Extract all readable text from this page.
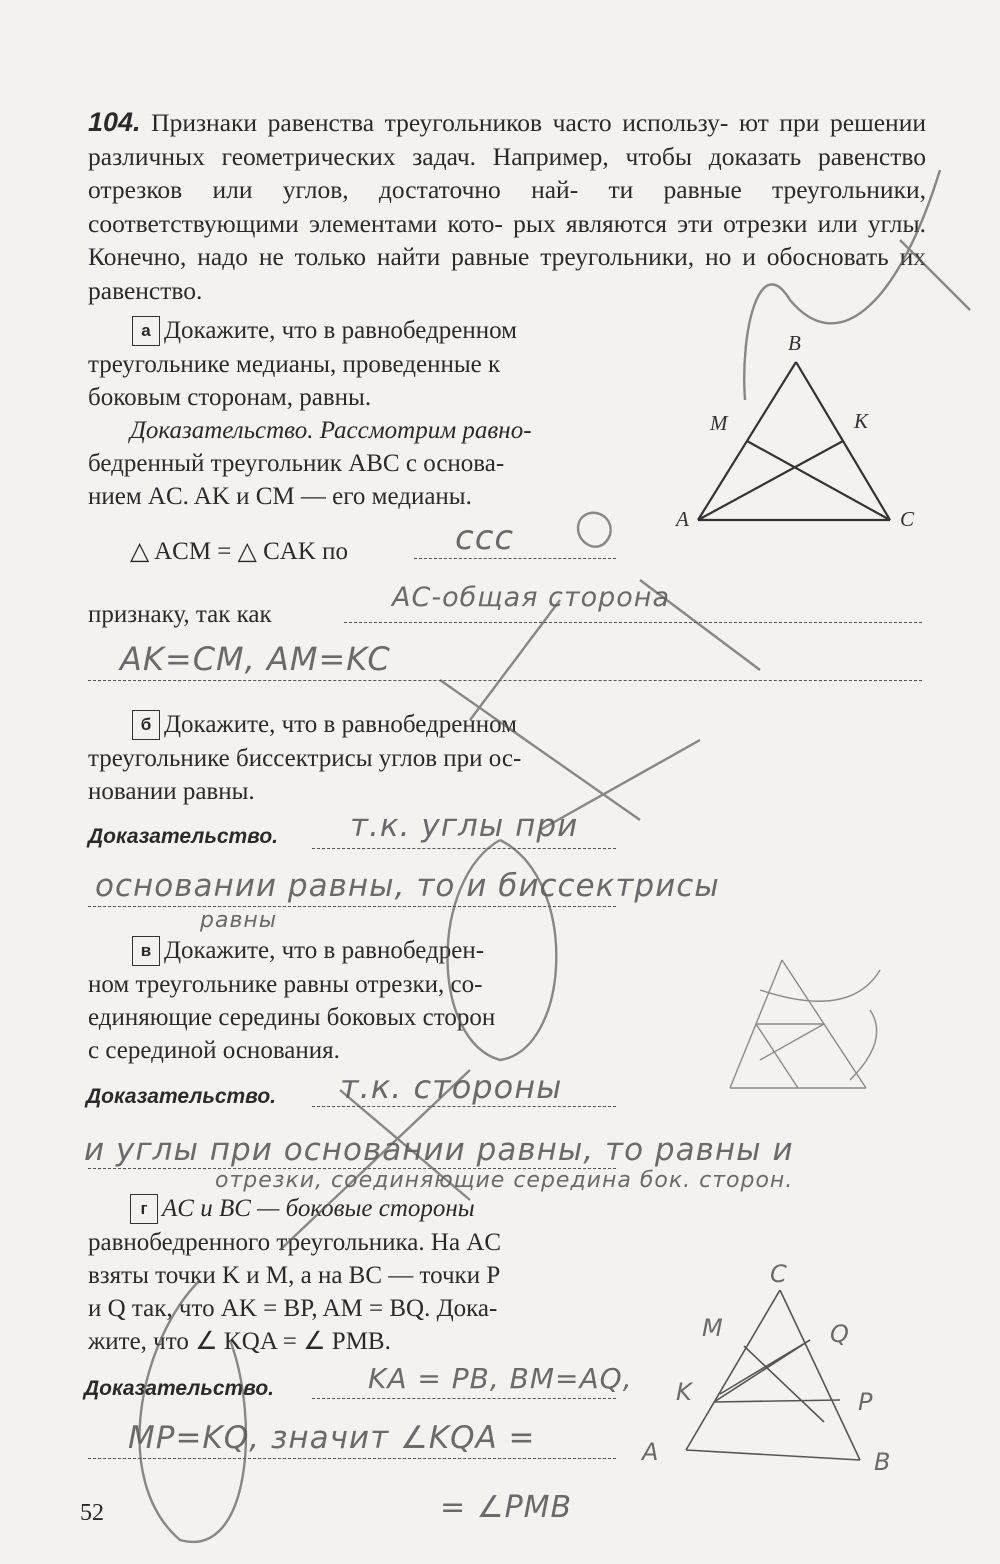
104. Признаки равенства треугольников часто использу- ют при решении различных геометрических задач. Например, чтобы доказать равенство отрезков или углов, достаточно най- ти равные треугольники, соответствующими элементами кото- рых являются эти отрезки или углы. Конечно, надо не только найти равные треугольники, но и обосновать их равенство.
а Докажите, что в равнобедренном
треугольнике медианы, проведенные к
боковым сторонам, равны.
Доказательство. Рассмотрим равно-
бедренный треугольник ABC с основа-
нием AC. AK и CM — его медианы.
△ ACM = △ CAK по	ссс
признаку, так как
AC-общая сторона
AK=CM, AM=KC
B
A	C
M	K
б Докажите, что в равнобедренном
треугольнике биссектрисы углов при ос-
новании равны.
Доказательство. т.к. углы при
основании равны, то и биссектрисы
равны
в Докажите, что в равнобедрен-
ном треугольнике равны отрезки, со-
единяющие середины боковых сторон
с серединой основания.
Доказательство. т.к. стороны
и углы при основании равны, то равны и
отрезки, соединяющие середина бок. сторон.
г AC и BC — боковые стороны
равнобедренного треугольника. На AC
взяты точки K и M, а на BC — точки P
и Q так, что AK = BP, AM = BQ. Дока-
жите, что ∠ KQA = ∠ PMB.
Доказательство.	KA = PB, BM=AQ,
MP=KQ, значит ∠KQA =
= ∠PMB
C
M	Q
K	P
A	B
52
